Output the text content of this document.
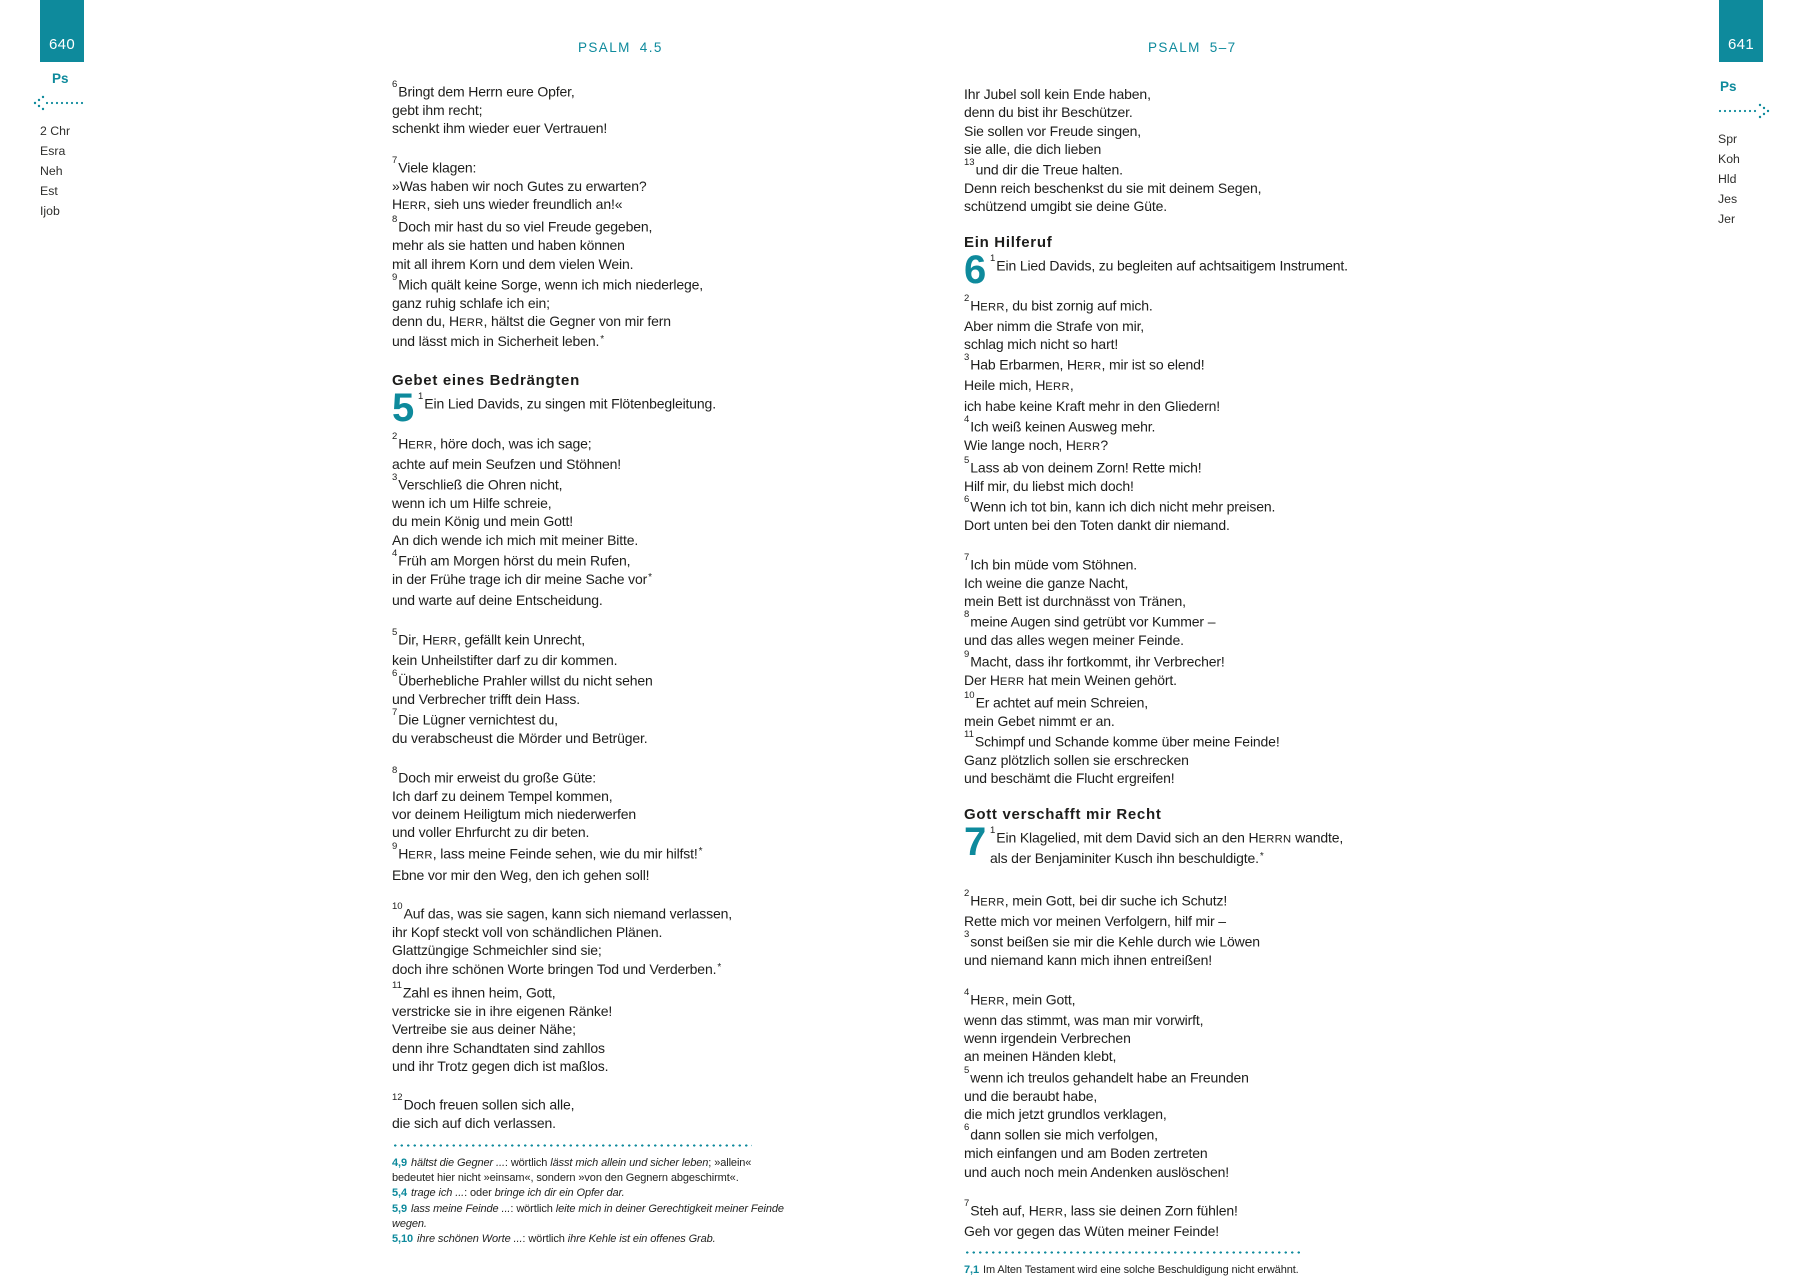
640	PSALM 4.5
Ps
2 Chr
Esra
Neh
Est
Ijob
$^6$Bringt dem Herrn eure Opfer,
gebt ihm recht;
schenkt ihm wieder euer Vertrauen!
$^7$Viele klagen:
»Was haben wir noch Gutes zu erwarten?
HERR, sieh uns wieder freundlich an!«
$^8$Doch mir hast du so viel Freude gegeben,
mehr als sie hatten und haben können
mit all ihrem Korn und dem vielen Wein.
$^9$Mich quält keine Sorge, wenn ich mich niederlege,
ganz ruhig schlafe ich ein;
denn du, HERR, hältst die Gegner von mir fern
und lässt mich in Sicherheit leben.*
Gebet eines Bedrängten
5 $^1$Ein Lied Davids, zu singen mit Flötenbegleitung.
$^2$HERR, höre doch, was ich sage;
achte auf mein Seufzen und Stöhnen!
$^3$Verschließ die Ohren nicht,
wenn ich um Hilfe schreie,
du mein König und mein Gott!
An dich wende ich mich mit meiner Bitte.
$^4$Früh am Morgen hörst du mein Rufen,
in der Frühe trage ich dir meine Sache vor*
und warte auf deine Entscheidung.
$^5$Dir, HERR, gefällt kein Unrecht,
kein Unheilstifter darf zu dir kommen.
$^6$Überhebliche Prahler willst du nicht sehen
und Verbrecher trifft dein Hass.
$^7$Die Lügner vernichtest du,
du verabscheust die Mörder und Betrüger.
$^8$Doch mir erweist du große Güte:
Ich darf zu deinem Tempel kommen,
vor deinem Heiligtum mich niederwerfen
und voller Ehrfurcht zu dir beten.
$^9$HERR, lass meine Feinde sehen, wie du mir hilfst!*
Ebne vor mir den Weg, den ich gehen soll!
$^{10}$Auf das, was sie sagen, kann sich niemand verlassen,
ihr Kopf steckt voll von schändlichen Plänen.
Glattzüngige Schmeichler sind sie;
doch ihre schönen Worte bringen Tod und Verderben.*
$^{11}$Zahl es ihnen heim, Gott,
verstricke sie in ihre eigenen Ränke!
Vertreibe sie aus deiner Nähe;
denn ihre Schandtaten sind zahllos
und ihr Trotz gegen dich ist maßlos.
$^{12}$Doch freuen sollen sich alle,
die sich auf dich verlassen.
4,9 hältst die Gegner ...: wörtlich lässt mich allein und sicher leben; »allein« bedeutet hier nicht »einsam«, sondern »von den Gegnern abgeschirmt«.
5,4 trage ich ...: oder bringe ich dir ein Opfer dar.
5,9 lass meine Feinde ...: wörtlich leite mich in deiner Gerechtigkeit meiner Feinde wegen.
5,10 ihre schönen Worte ...: wörtlich ihre Kehle ist ein offenes Grab.
641
PSALM 5–7
Ps
Spr
Koh
Hld
Jes
Jer
Ihr Jubel soll kein Ende haben,
denn du bist ihr Beschützer.
Sie sollen vor Freude singen,
sie alle, die dich lieben
$^{13}$und dir die Treue halten.
Denn reich beschenkst du sie mit deinem Segen,
schützend umgibt sie deine Güte.
Ein Hilferuf
6 $^1$Ein Lied Davids, zu begleiten auf achtsaitigem Instrument.
$^2$HERR, du bist zornig auf mich.
Aber nimm die Strafe von mir,
schlag mich nicht so hart!
$^3$Hab Erbarmen, HERR, mir ist so elend!
Heile mich, HERR,
ich habe keine Kraft mehr in den Gliedern!
$^4$Ich weiß keinen Ausweg mehr.
Wie lange noch, HERR?
$^5$Lass ab von deinem Zorn! Rette mich!
Hilf mir, du liebst mich doch!
$^6$Wenn ich tot bin, kann ich dich nicht mehr preisen.
Dort unten bei den Toten dankt dir niemand.
$^7$Ich bin müde vom Stöhnen.
Ich weine die ganze Nacht,
mein Bett ist durchnässt von Tränen,
$^8$meine Augen sind getrübt vor Kummer –
und das alles wegen meiner Feinde.
$^9$Macht, dass ihr fortkommt, ihr Verbrecher!
Der HERR hat mein Weinen gehört.
$^{10}$Er achtet auf mein Schreien,
mein Gebet nimmt er an.
$^{11}$Schimpf und Schande komme über meine Feinde!
Ganz plötzlich sollen sie erschrecken
und beschämt die Flucht ergreifen!
Gott verschafft mir Recht
7 $^1$Ein Klagelied, mit dem David sich an den HERRN wandte,
als der Benjaminiter Kusch ihn beschuldigte.*
$^2$HERR, mein Gott, bei dir suche ich Schutz!
Rette mich vor meinen Verfolgern, hilf mir –
$^3$sonst beißen sie mir die Kehle durch wie Löwen
und niemand kann mich ihnen entreißen!
$^4$HERR, mein Gott,
wenn das stimmt, was man mir vorwirft,
wenn irgendein Verbrechen
an meinen Händen klebt,
$^5$wenn ich treulos gehandelt habe an Freunden
und die beraubt habe,
die mich jetzt grundlos verklagen,
$^6$dann sollen sie mich verfolgen,
mich einfangen und am Boden zertreten
und auch noch mein Andenken auslöschen!
$^7$Steh auf, HERR, lass sie deinen Zorn fühlen!
Geh vor gegen das Wüten meiner Feinde!
7,1 Im Alten Testament wird eine solche Beschuldigung nicht erwähnt.
